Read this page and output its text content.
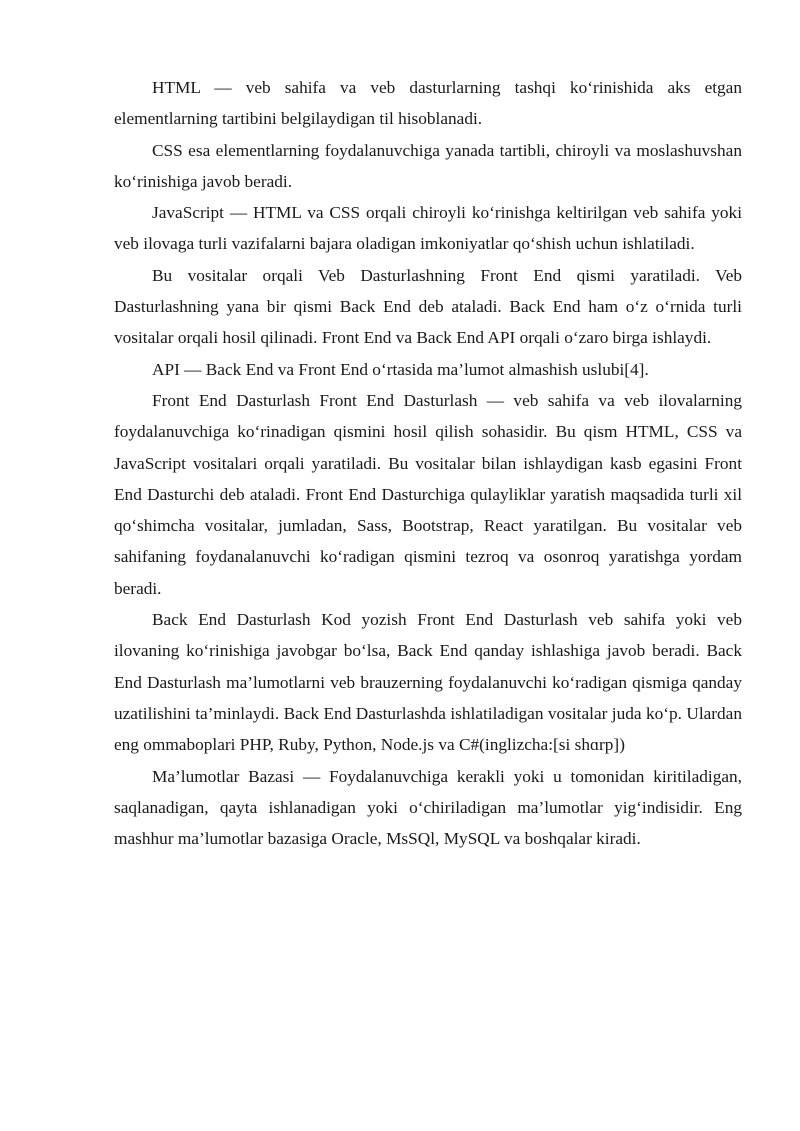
HTML — veb sahifa va veb dasturlarning tashqi ko‘rinishida aks etgan elementlarning tartibini belgilaydigan til hisoblanadi.

CSS esa elementlarning foydalanuvchiga yanada tartibli, chiroyli va moslashuvshan ko‘rinishiga javob beradi.

JavaScript — HTML va CSS orqali chiroyli ko‘rinishga keltirilgan veb sahifa yoki veb ilovaga turli vazifalarni bajara oladigan imkoniyatlar qo‘shish uchun ishlatiladi.

Bu vositalar orqali Veb Dasturlashning Front End qismi yaratiladi. Veb Dasturlashning yana bir qismi Back End deb ataladi. Back End ham o‘z o‘rnida turli vositalar orqali hosil qilinadi. Front End va Back End API orqali o‘zaro birga ishlaydi.

API — Back End va Front End o‘rtasida ma’lumot almashish uslubi[4].

Front End Dasturlash Front End Dasturlash — veb sahifa va veb ilovalarning foydalanuvchiga ko‘rinadigan qismini hosil qilish sohasidir. Bu qism HTML, CSS va JavaScript vositalari orqali yaratiladi. Bu vositalar bilan ishlaydigan kasb egasini Front End Dasturchi deb ataladi. Front End Dasturchiga qulayliklar yaratish maqsadida turli xil qo‘shimcha vositalar, jumladan, Sass, Bootstrap, React yaratilgan. Bu vositalar veb sahifaning foydanalanuvchi ko‘radigan qismini tezroq va osonroq yaratishga yordam beradi.

Back End Dasturlash Kod yozish Front End Dasturlash veb sahifa yoki veb ilovaning ko‘rinishiga javobgar bo‘lsa, Back End qanday ishlashiga javob beradi. Back End Dasturlash ma’lumotlarni veb brauzerning foydalanuvchi ko‘radigan qismiga qanday uzatilishini ta’minlaydi. Back End Dasturlashda ishlatiladigan vositalar juda ko‘p. Ulardan eng ommaboplari PHP, Ruby, Python, Node.js va C#(inglizcha:[si shɑrp])

Ma’lumotlar Bazasi — Foydalanuvchiga kerakli yoki u tomonidan kiritiladigan, saqlanadigan, qayta ishlanadigan yoki o‘chiriladigan ma’lumotlar yig‘indisidir. Eng mashhur ma’lumotlar bazasiga Oracle, MsSQl, MySQL va boshqalar kiradi.
